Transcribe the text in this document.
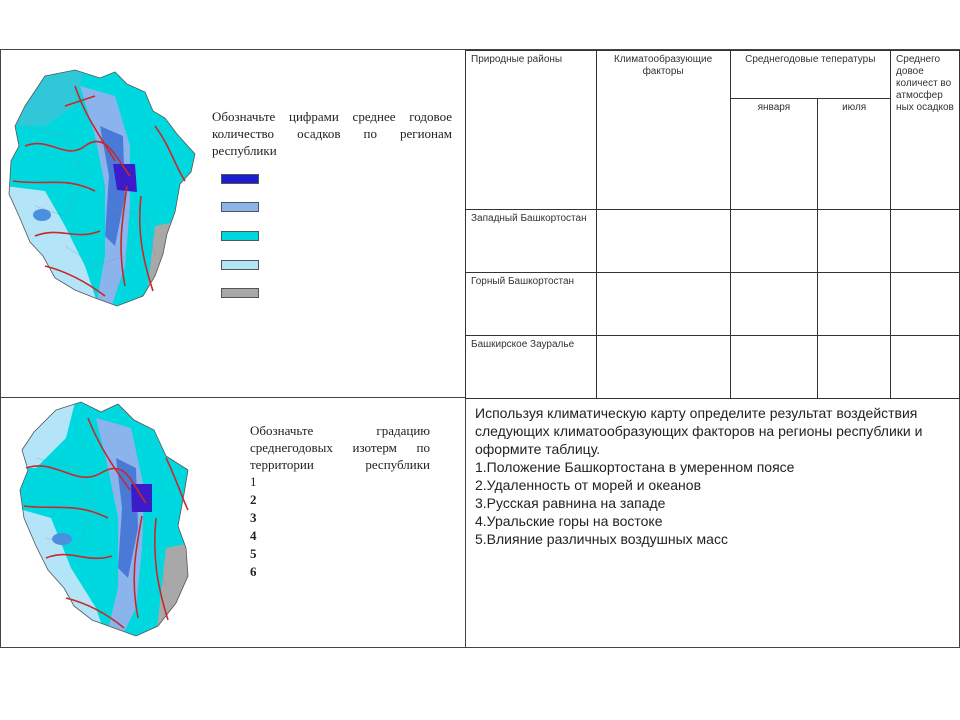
Обозначьте цифрами среднее годовое количество осадков по регионам республики
Природные районы	Климатообразующие факторы	Среднегодовые тепературы		Среднего довое количест во атмосфер ных осадков
		января	июля	
Западный Башкортостан				
Горный Башкортостан				
Башкирское Зауралье				
Обозначьте градацию среднегодовых изотерм по территории республики
1
2
3
4
5
6

Используя климатическую карту определите результат воздействия следующих климатообразующих факторов на регионы республики и оформите таблицу.

1.Положение Башкортостана в умеренном поясе

2.Удаленность от морей и океанов

3.Русская равнина на западе

4.Уральские горы на востоке

5.Влияние различных воздушных масс
